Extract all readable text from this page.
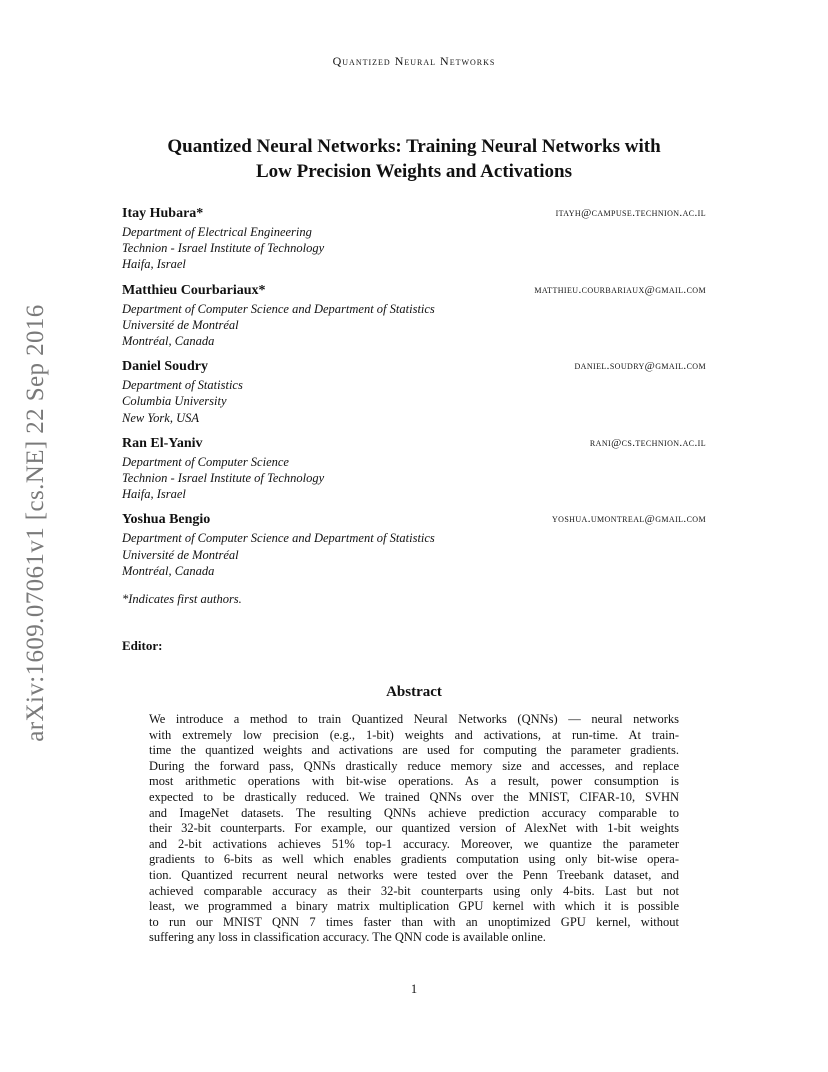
Quantized Neural Networks
arXiv:1609.07061v1 [cs.NE] 22 Sep 2016
Quantized Neural Networks: Training Neural Networks with
Low Precision Weights and Activations
Itay Hubara*	itayh@campuse.technion.ac.il
Department of Electrical Engineering
Technion - Israel Institute of Technology
Haifa, Israel
Matthieu Courbariaux*	matthieu.courbariaux@gmail.com
Department of Computer Science and Department of Statistics
Université de Montréal
Montréal, Canada
Daniel Soudry	daniel.soudry@gmail.com
Department of Statistics
Columbia University
New York, USA
Ran El-Yaniv	rani@cs.technion.ac.il
Department of Computer Science
Technion - Israel Institute of Technology
Haifa, Israel
Yoshua Bengio	yoshua.umontreal@gmail.com
Department of Computer Science and Department of Statistics
Université de Montréal
Montréal, Canada
*Indicates first authors.
Editor:
Abstract
We introduce a method to train Quantized Neural Networks (QNNs) — neural networks
with extremely low precision (e.g., 1-bit) weights and activations, at run-time. At train-
time the quantized weights and activations are used for computing the parameter gradients.
During the forward pass, QNNs drastically reduce memory size and accesses, and replace
most arithmetic operations with bit-wise operations. As a result, power consumption is
expected to be drastically reduced. We trained QNNs over the MNIST, CIFAR-10, SVHN
and ImageNet datasets. The resulting QNNs achieve prediction accuracy comparable to
their 32-bit counterparts. For example, our quantized version of AlexNet with 1-bit weights
and 2-bit activations achieves 51% top-1 accuracy. Moreover, we quantize the parameter
gradients to 6-bits as well which enables gradients computation using only bit-wise opera-
tion. Quantized recurrent neural networks were tested over the Penn Treebank dataset, and
achieved comparable accuracy as their 32-bit counterparts using only 4-bits. Last but not
least, we programmed a binary matrix multiplication GPU kernel with which it is possible
to run our MNIST QNN 7 times faster than with an unoptimized GPU kernel, without
suffering any loss in classification accuracy. The QNN code is available online.
1
